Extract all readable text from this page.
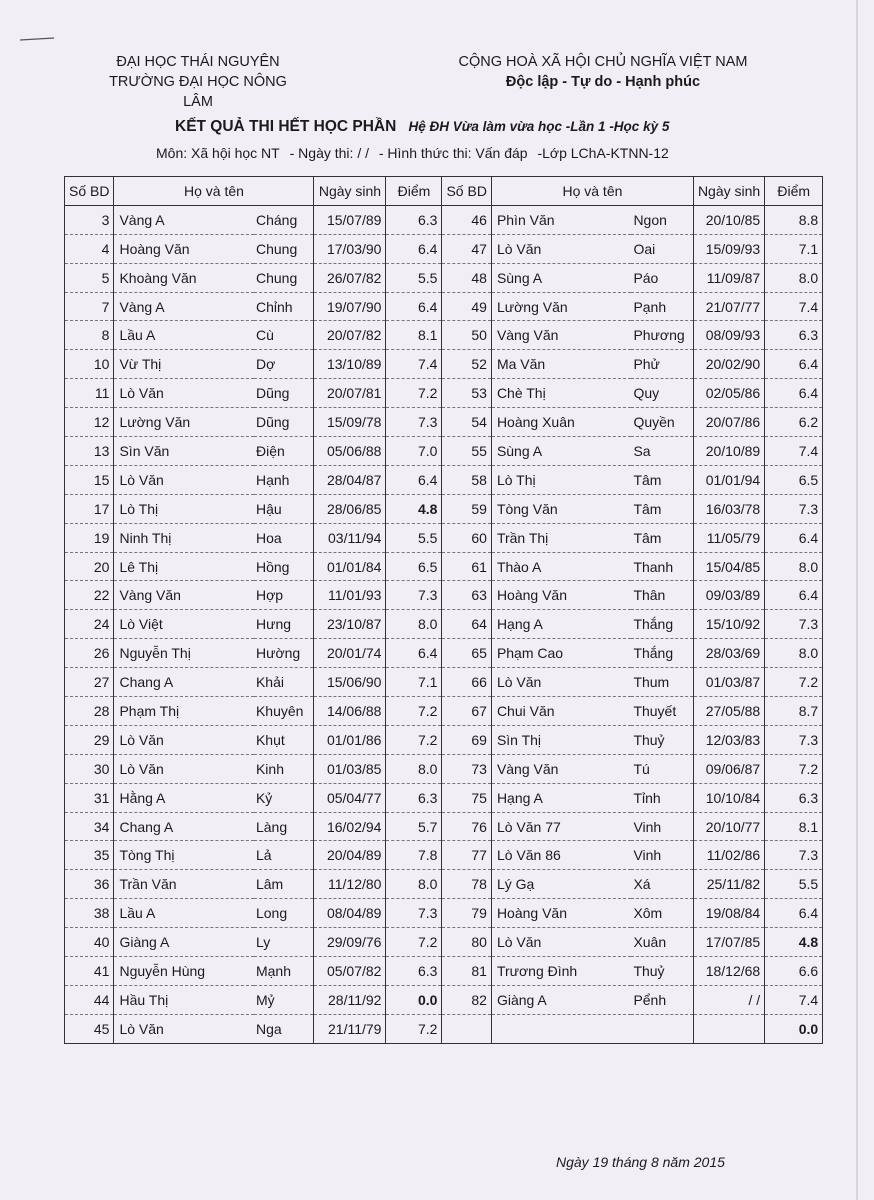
ĐẠI HỌC THÁI NGUYÊN
TRƯỜNG ĐẠI HỌC NÔNG LÂM
CỘNG HOÀ XÃ HỘI CHỦ NGHĨA VIỆT NAM
Độc lập - Tự do - Hạnh phúc
KẾT QUẢ THI HẾT HỌC PHẦN Hệ ĐH Vừa làm vừa học -Lần 1 -Học kỳ 5
Môn: Xã hội học NT - Ngày thi: / / - Hình thức thi: Vấn đáp -Lớp LChA-KTNN-12
Số BD	Họ và tên		Ngày sinh	Điểm	Số BD	Họ và tên		Ngày sinh	Điểm
3	Vàng A	Cháng	15/07/89	6.3	46	Phìn Văn	Ngon	20/10/85	8.8
4	Hoàng Văn	Chung	17/03/90	6.4	47	Lò Văn	Oai	15/09/93	7.1
5	Khoàng Văn	Chung	26/07/82	5.5	48	Sùng A	Páo	11/09/87	8.0
7	Vàng A	Chỉnh	19/07/90	6.4	49	Lường Văn	Pạnh	21/07/77	7.4
8	Lầu A	Cù	20/07/82	8.1	50	Vàng Văn	Phương	08/09/93	6.3
10	Vừ Thị	Dợ	13/10/89	7.4	52	Ma Văn	Phử	20/02/90	6.4
11	Lò Văn	Dũng	20/07/81	7.2	53	Chè Thị	Quy	02/05/86	6.4
12	Lường Văn	Dũng	15/09/78	7.3	54	Hoàng Xuân	Quyền	20/07/86	6.2
13	Sìn Văn	Điện	05/06/88	7.0	55	Sùng A	Sa	20/10/89	7.4
15	Lò Văn	Hạnh	28/04/87	6.4	58	Lò Thị	Tâm	01/01/94	6.5
17	Lò Thị	Hậu	28/06/85	4.8	59	Tòng Văn	Tâm	16/03/78	7.3
19	Ninh Thị	Hoa	03/11/94	5.5	60	Trần Thị	Tâm	11/05/79	6.4
20	Lê Thị	Hồng	01/01/84	6.5	61	Thào A	Thanh	15/04/85	8.0
22	Vàng Văn	Hợp	11/01/93	7.3	63	Hoàng Văn	Thân	09/03/89	6.4
24	Lò Việt	Hưng	23/10/87	8.0	64	Hạng A	Thắng	15/10/92	7.3
26	Nguyễn Thị	Hường	20/01/74	6.4	65	Phạm Cao	Thắng	28/03/69	8.0
27	Chang A	Khải	15/06/90	7.1	66	Lò Văn	Thum	01/03/87	7.2
28	Phạm Thị	Khuyên	14/06/88	7.2	67	Chui Văn	Thuyết	27/05/88	8.7
29	Lò Văn	Khụt	01/01/86	7.2	69	Sìn Thị	Thuỷ	12/03/83	7.3
30	Lò Văn	Kinh	01/03/85	8.0	73	Vàng Văn	Tú	09/06/87	7.2
31	Hằng A	Kỷ	05/04/77	6.3	75	Hạng A	Tỉnh	10/10/84	6.3
34	Chang A	Làng	16/02/94	5.7	76	Lò Văn 77	Vinh	20/10/77	8.1
35	Tòng Thị	Lả	20/04/89	7.8	77	Lò Văn 86	Vinh	11/02/86	7.3
36	Trần Văn	Lâm	11/12/80	8.0	78	Lý Gạ	Xá	25/11/82	5.5
38	Lầu A	Long	08/04/89	7.3	79	Hoàng Văn	Xôm	19/08/84	6.4
40	Giàng A	Ly	29/09/76	7.2	80	Lò Văn	Xuân	17/07/85	4.8
41	Nguyễn Hùng	Mạnh	05/07/82	6.3	81	Trương Đình	Thuỷ	18/12/68	6.6
44	Hầu Thị	Mỷ	28/11/92	0.0	82	Giàng A	Pểnh	/ /	7.4
45	Lò Văn	Nga	21/11/79	7.2					0.0
Ngày 19 tháng 8 năm 2015
